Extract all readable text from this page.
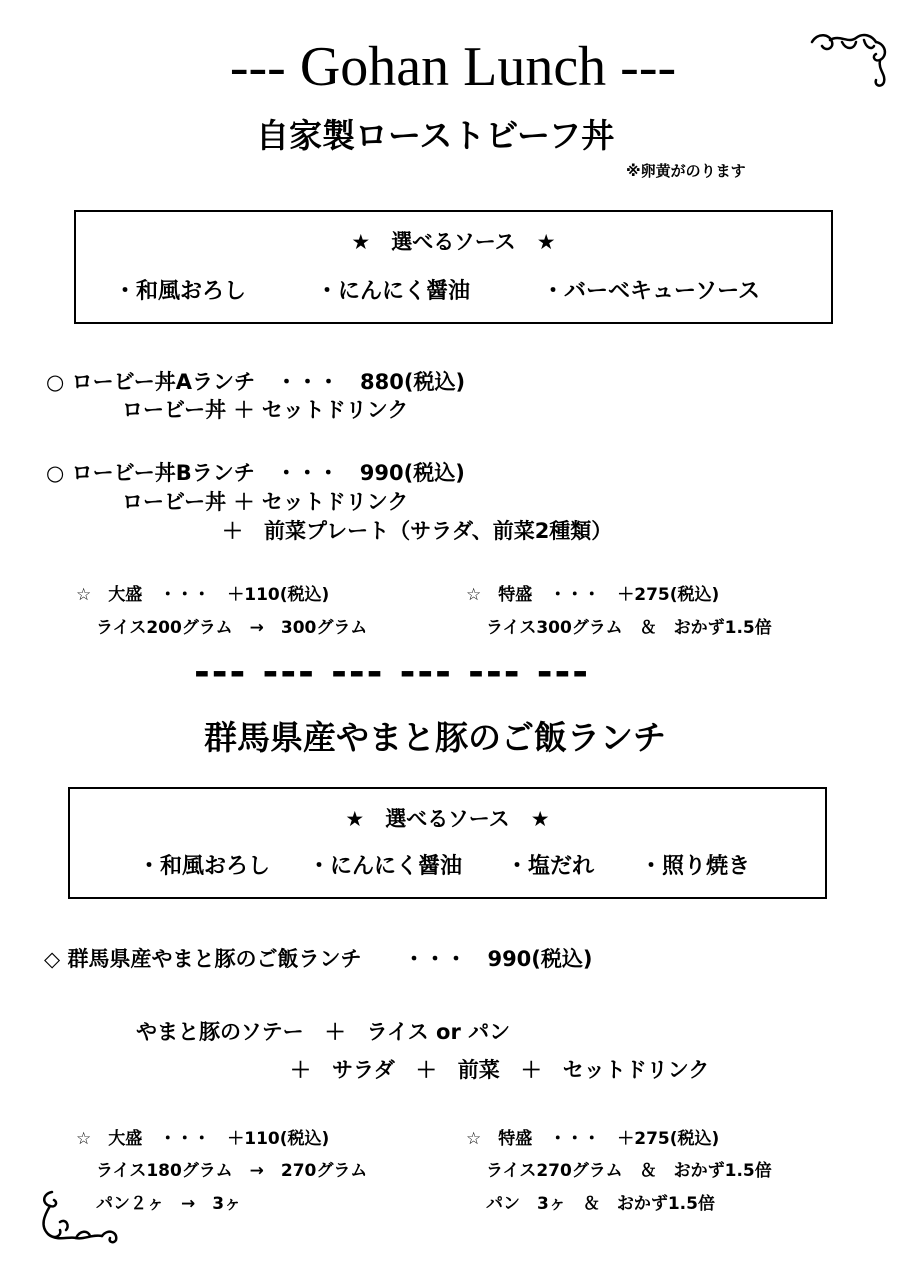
--- Gohan Lunch ---
自家製ローストビーフ丼
※卵黄がのります
★　選べるソース　★
・和風おろし	・にんにく醤油	・バーベキューソース
○ ロービー丼Aランチ　・・・　880(税込)
ロービー丼 ＋ セットドリンク
○ ロービー丼Bランチ　・・・　990(税込)
ロービー丼 ＋ セットドリンク
＋　前菜プレート（サラダ、前菜2種類）
☆　大盛　・・・　＋110(税込)
ライス200グラム　→　300グラム
☆　特盛　・・・　＋275(税込)
ライス300グラム　＆　おかず1.5倍
--- --- --- --- --- ---
群馬県産やまと豚のご飯ランチ
★　選べるソース　★
・和風おろし ・にんにく醤油 ・塩だれ ・照り焼き
◇ 群馬県産やまと豚のご飯ランチ　　・・・　990(税込)
やまと豚のソテー　＋　ライス or パン
＋　サラダ　＋　前菜　＋　セットドリンク
☆　大盛　・・・　＋110(税込)
ライス180グラム　→　270グラム
パン２ヶ　→　3ヶ
☆　特盛　・・・　＋275(税込)
ライス270グラム　＆　おかず1.5倍
パン　3ヶ　＆　おかず1.5倍
